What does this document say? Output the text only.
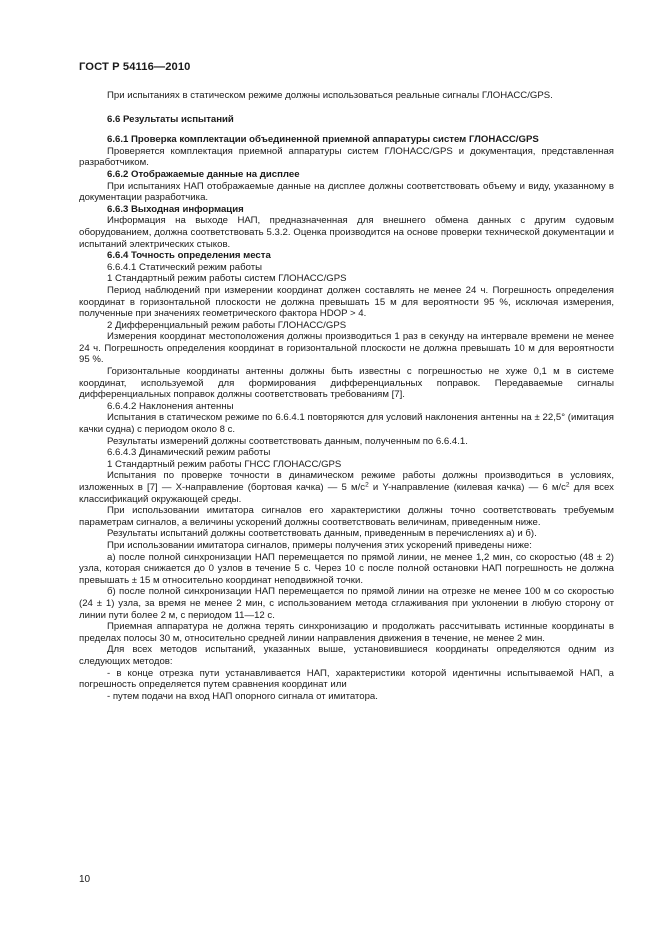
ГОСТ Р 54116—2010

При испытаниях в статическом режиме должны использоваться реальные сигналы ГЛОНАСС/GPS.

6.6 Результаты испытаний

6.6.1 Проверка комплектации объединенной приемной аппаратуры систем ГЛОНАСС/GPS

Проверяется комплектация приемной аппаратуры систем ГЛОНАСС/GPS и документация, представленная разработчиком.

6.6.2 Отображаемые данные на дисплее

При испытаниях НАП отображаемые данные на дисплее должны соответствовать объему и виду, указанному в документации разработчика.

6.6.3 Выходная информация

Информация на выходе НАП, предназначенная для внешнего обмена данных с другим судовым оборудованием, должна соответствовать 5.3.2. Оценка производится на основе проверки технической документации и испытаний электрических стыков.

6.6.4 Точность определения места

6.6.4.1 Статический режим работы

1 Стандартный режим работы систем ГЛОНАСС/GPS

Период наблюдений при измерении координат должен составлять не менее 24 ч. Погрешность определения координат в горизонтальной плоскости не должна превышать 15 м для вероятности 95 %, исключая измерения, полученные при значениях геометрического фактора HDOP > 4.

2 Дифференциальный режим работы ГЛОНАСС/GPS

Измерения координат местоположения должны производиться 1 раз в секунду на интервале времени не менее 24 ч. Погрешность определения координат в горизонтальной плоскости не должна превышать 10 м для вероятности 95 %.

Горизонтальные координаты антенны должны быть известны с погрешностью не хуже 0,1 м в системе координат, используемой для формирования дифференциальных поправок. Передаваемые сигналы дифференциальных поправок должны соответствовать требованиям [7].

6.6.4.2 Наклонения антенны

Испытания в статическом режиме по 6.6.4.1 повторяются для условий наклонения антенны на ± 22,5° (имитация качки судна) с периодом около 8 с.

Результаты измерений должны соответствовать данным, полученным по 6.6.4.1.

6.6.4.3 Динамический режим работы

1 Стандартный режим работы ГНСС ГЛОНАСС/GPS

Испытания по проверке точности в динамическом режиме работы должны производиться в условиях, изложенных в [7] — X-направление (бортовая качка) — 5 $м/с^2$ и Y-направление (килевая качка) — 6 $м/с^2$ для всех классификаций окружающей среды.

При использовании имитатора сигналов его характеристики должны точно соответствовать требуемым параметрам сигналов, а величины ускорений должны соответствовать величинам, приведенным ниже.

Результаты испытаний должны соответствовать данным, приведенным в перечислениях а) и б).

При использовании имитатора сигналов, примеры получения этих ускорений приведены ниже:

а) после полной синхронизации НАП перемещается по прямой линии, не менее 1,2 мин, со скоростью (48 ± 2) узла, которая снижается до 0 узлов в течение 5 с. Через 10 с после полной остановки НАП погрешность не должна превышать ± 15 м относительно координат неподвижной точки.

б) после полной синхронизации НАП перемещается по прямой линии на отрезке не менее 100 м со скоростью (24 ± 1) узла, за время не менее 2 мин, с использованием метода сглаживания при уклонении в любую сторону от линии пути более 2 м, с периодом 11—12 с.

Приемная аппаратура не должна терять синхронизацию и продолжать рассчитывать истинные координаты в пределах полосы 30 м, относительно средней линии направления движения в течение, не менее 2 мин.

Для всех методов испытаний, указанных выше, установившиеся координаты определяются одним из следующих методов:

- в конце отрезка пути устанавливается НАП, характеристики которой идентичны испытываемой НАП, а погрешность определяется путем сравнения координат или

- путем подачи на вход НАП опорного сигнала от имитатора.

10
